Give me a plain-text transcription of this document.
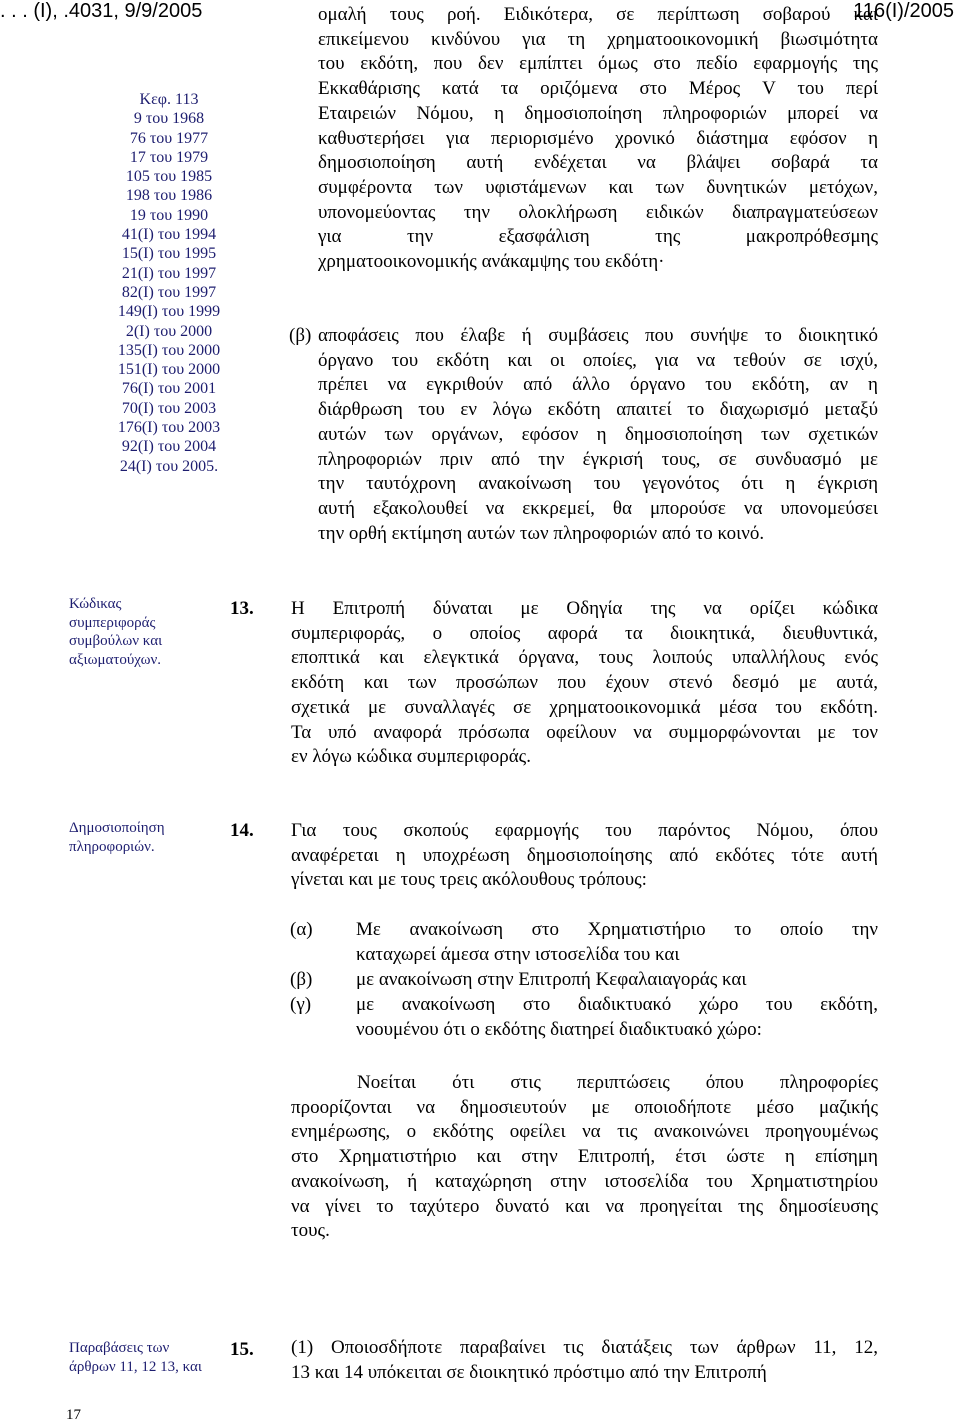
. . . (Ι), .4031, 9/9/2005	116(Ι)/2005
Κεφ. 113
9 του 1968
76 του 1977
17 του 1979
105 του 1985
198 του 1986
19 του 1990
41(Ι) του 1994
15(Ι) του 1995
21(Ι) του 1997
82(Ι) του 1997
149(Ι) του 1999
2(Ι) του 2000
135(Ι) του 2000
151(Ι) του 2000
76(Ι) του 2001
70(Ι) του 2003
176(Ι) του 2003
92(Ι) του 2004
24(Ι) του 2005.
ομαλή τους ροή. Ειδικότερα, σε περίπτωση σοβαρού και
επικείμενου κινδύνου για τη χρηματοοικονομική βιωσιμότητα
του εκδότη, που δεν εμπίπτει όμως στο πεδίο εφαρμογής της
Εκκαθάρισης κατά τα οριζόμενα στο Μέρος V του περί
Εταιρειών Νόμου, η δημοσιοποίηση πληροφοριών μπορεί να
καθυστερήσει για περιορισμένο χρονικό διάστημα εφόσον η
δημοσιοποίηση αυτή ενδέχεται να βλάψει σοβαρά τα
συμφέροντα των υφιστάμενων και των δυνητικών μετόχων,
υπονομεύοντας την ολοκλήρωση ειδικών διαπραγματεύσεων
για την εξασφάλιση της μακροπρόθεσμης
χρηματοοικονομικής ανάκαμψης του εκδότη·
(β) αποφάσεις που έλαβε ή συμβάσεις που συνήψε το διοικητικό
όργανο του εκδότη και οι οποίες, για να τεθούν σε ισχύ,
πρέπει να εγκριθούν από άλλο όργανο του εκδότη, αν η
διάρθρωση του εν λόγω εκδότη απαιτεί το διαχωρισμό μεταξύ
αυτών των οργάνων, εφόσον η δημοσιοποίηση των σχετικών
πληροφοριών πριν από την έγκρισή τους, σε συνδυασμό με
την ταυτόχρονη ανακοίνωση του γεγονότος ότι η έγκριση
αυτή εξακολουθεί να εκκρεμεί, θα μπορούσε να υπονομεύσει
την ορθή εκτίμηση αυτών των πληροφοριών από το κοινό.
Κώδικας
συμπεριφοράς
συμβούλων και
αξιωματούχων.
13. Η Επιτροπή δύναται με Οδηγία της να ορίζει κώδικα
συμπεριφοράς, ο οποίος αφορά τα διοικητικά, διευθυντικά,
εποπτικά και ελεγκτικά όργανα, τους λοιπούς υπαλλήλους ενός
εκδότη και των προσώπων που έχουν στενό δεσμό με αυτά,
σχετικά με συναλλαγές σε χρηματοοικονομικά μέσα του εκδότη.
Τα υπό αναφορά πρόσωπα οφείλουν να συμμορφώνονται με τον
εν λόγω κώδικα συμπεριφοράς.
Δημοσιοποίηση
πληροφοριών.
14. Για τους σκοπούς εφαρμογής του παρόντος Νόμου, όπου
αναφέρεται η υποχρέωση δημοσιοποίησης από εκδότες τότε αυτή
γίνεται και με τους τρεις ακόλουθους τρόπους:
(α) Με ανακοίνωση στο Χρηματιστήριο το οποίο την
καταχωρεί άμεσα στην ιστοσελίδα του και
(β) με ανακοίνωση στην Επιτροπή Κεφαλαιαγοράς και
(γ) με ανακοίνωση στο διαδικτυακό χώρο του εκδότη,
νοουμένου ότι ο εκδότης διατηρεί διαδικτυακό χώρο:
Νοείται ότι στις περιπτώσεις όπου πληροφορίες
προορίζονται να δημοσιευτούν με οποιοδήποτε μέσο μαζικής
ενημέρωσης, ο εκδότης οφείλει να τις ανακοινώνει προηγουμένως
στο Χρηματιστήριο και στην Επιτροπή, έτσι ώστε η επίσημη
ανακοίνωση, ή καταχώρηση στην ιστοσελίδα του Χρηματιστηρίου
να γίνει το ταχύτερο δυνατό και να προηγείται της δημοσίευσης
τους.
Παραβάσεις των
άρθρων 11, 12 13, και
15. (1) Οποιοσδήποτε παραβαίνει τις διατάξεις των άρθρων 11, 12,
13 και 14 υπόκειται σε διοικητικό πρόστιμο από την Επιτροπή
17
